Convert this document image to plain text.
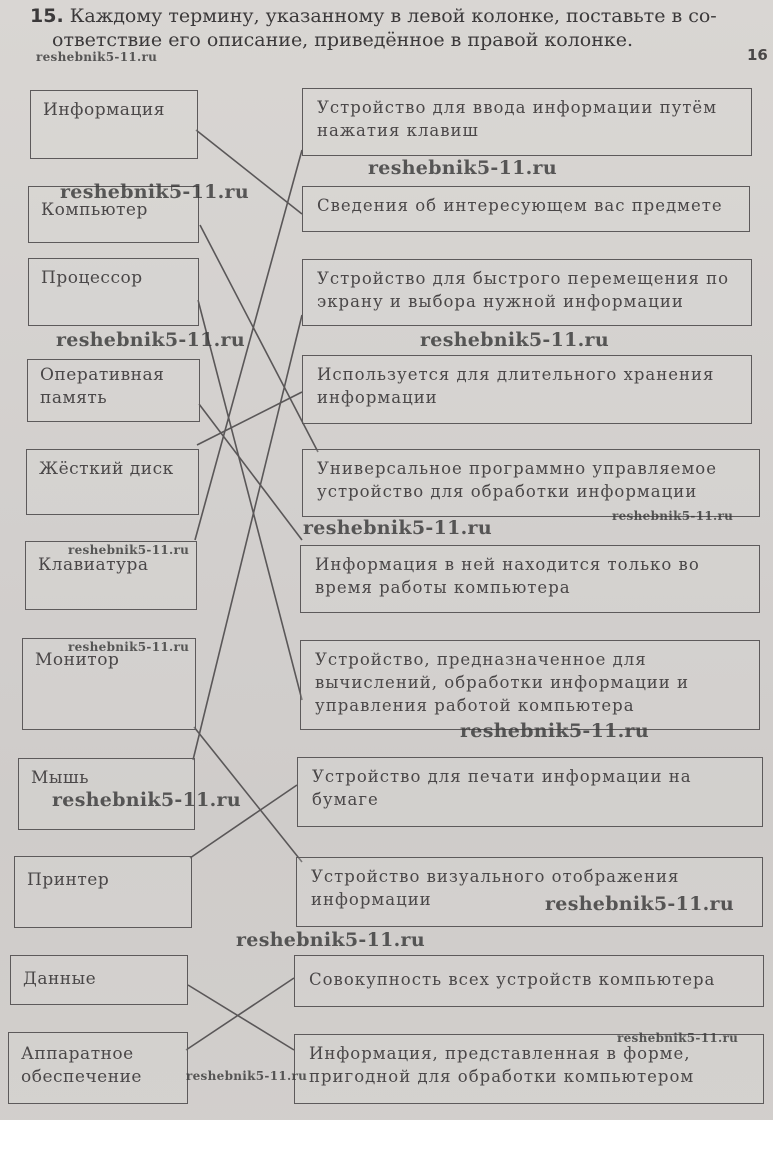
15. Каждому термину, указанному в левой колонке, поставьте в со-
ответствие его описание, приведённое в правой колонке.
16
Информация
Компьютер
Процессор
Оперативная память
Жёсткий диск
Клавиатура
Монитор
Мышь
Принтер
Данные
Аппаратное обеспечение
Устройство для ввода информации путём нажатия клавиш
Сведения об интересующем вас предмете
Устройство для быстрого перемещения по экрану и выбора нужной информации
Используется для длительного хранения информации
Универсальное программно управляемое устройство для обработки информации
Информация в ней находится только во время работы компьютера
Устройство, предназначенное для вычислений, обработки информации и управления работой компьютера
Устройство для печати информации на бумаге
Устройство визуального отображения информации
Совокупность всех устройств компьютера
Информация, представленная в форме, пригодной для обработки компьютером
reshebnik5-11.ru
reshebnik5-11.ru
reshebnik5-11.ru
reshebnik5-11.ru	reshebnik5-11.ru
reshebnik5-11.ru
reshebnik5-11.ru
reshebnik5-11.ru
reshebnik5-11.ru
reshebnik5-11.ru
reshebnik5-11.ru
reshebnik5-11.ru
reshebnik5-11.ru
reshebnik5-11.ru
reshebnik5-11.ru
